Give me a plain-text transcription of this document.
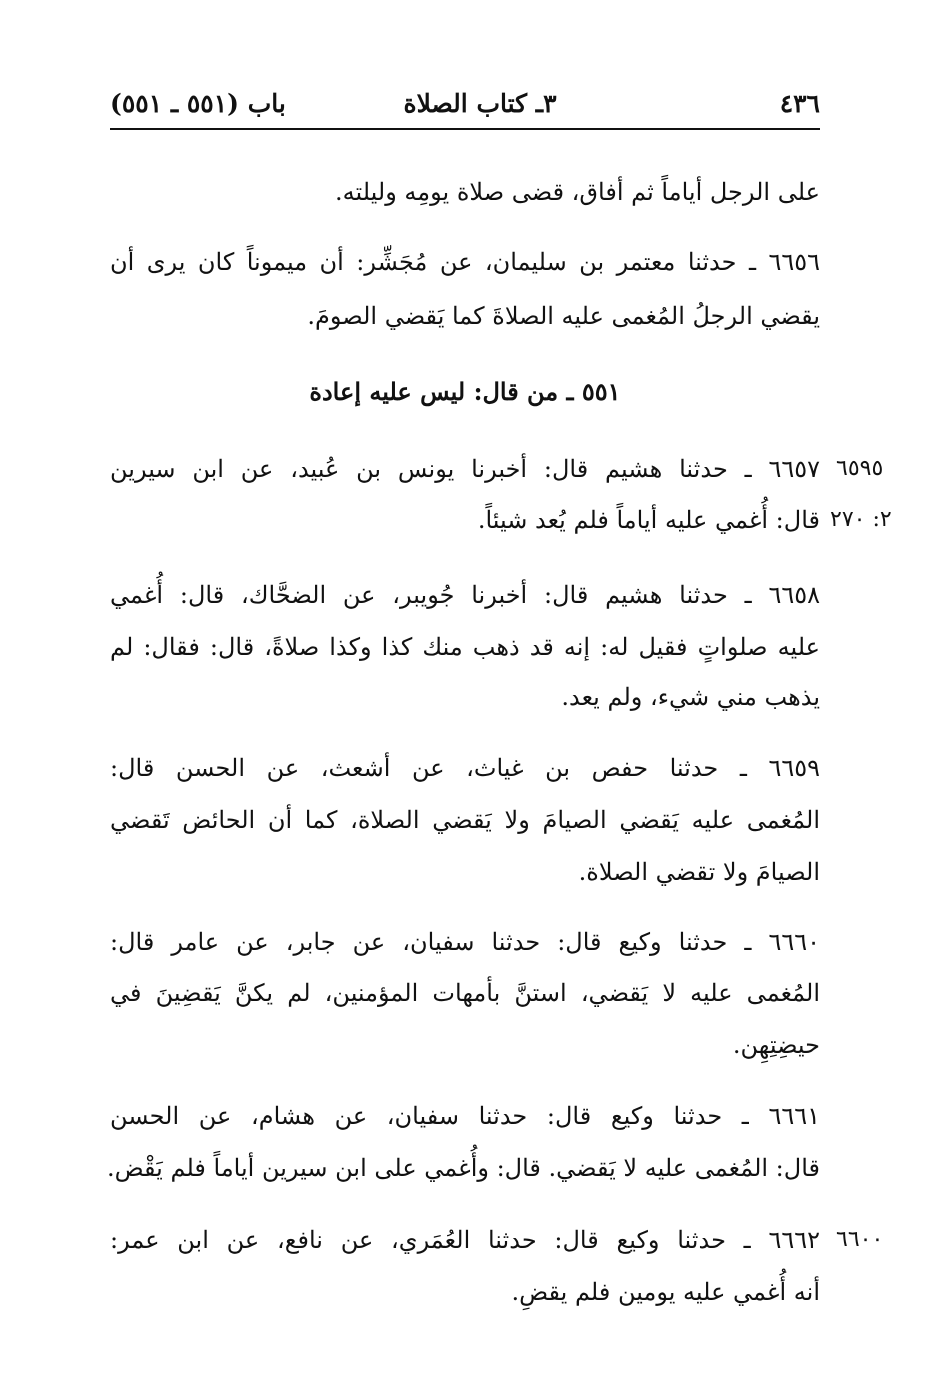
٤٣٦
٣ـ كتاب الصلاة
باب (٥٥١ ـ ٥٥١)
على الرجل أياماً ثم أفاق، قضى صلاة يومِه وليلته.
٦٦٥٦ ـ حدثنا معتمر بن سليمان، عن مُجَشِّر: أن ميموناً كان يرى أن
يقضي الرجلُ المُغمى عليه الصلاةَ كما يَقضي الصومَ.
٥٥١ ـ من قال: ليس عليه إعادة
٦٦٥٧ ـ حدثنا هشيم قال: أخبرنا يونس بن عُبيد، عن ابن سيرين
قال: أُغمي عليه أياماً فلم يُعد شيئاً.
٦٦٥٨ ـ حدثنا هشيم قال: أخبرنا جُويبر، عن الضحَّاك، قال: أُغمي
عليه صلواتٍ فقيل له: إنه قد ذهب منك كذا وكذا صلاةً، قال: فقال: لم
يذهب مني شيء، ولم يعد.
٦٦٥٩ ـ حدثنا حفص بن غياث، عن أشعث، عن الحسن قال:
المُغمى عليه يَقضي الصيامَ ولا يَقضي الصلاة، كما أن الحائض تَقضي
الصيامَ ولا تقضي الصلاة.
٦٦٦٠ ـ حدثنا وكيع قال: حدثنا سفيان، عن جابر، عن عامر قال:
المُغمى عليه لا يَقضي، استنَّ بأمهات المؤمنين، لم يكنَّ يَقضِينَ في
حيضِتِهِن.
٦٦٦١ ـ حدثنا وكيع قال: حدثنا سفيان، عن هشام، عن الحسن
قال: المُغمى عليه لا يَقضي. قال: وأُغمي على ابن سيرين أياماً فلم يَقْض.
٦٦٦٢ ـ حدثنا وكيع قال: حدثنا العُمَري، عن نافع، عن ابن عمر:
أنه أُغمي عليه يومين فلم يقضِ.
٦٥٩٥
٢: ٢٧٠
٦٦٠٠
